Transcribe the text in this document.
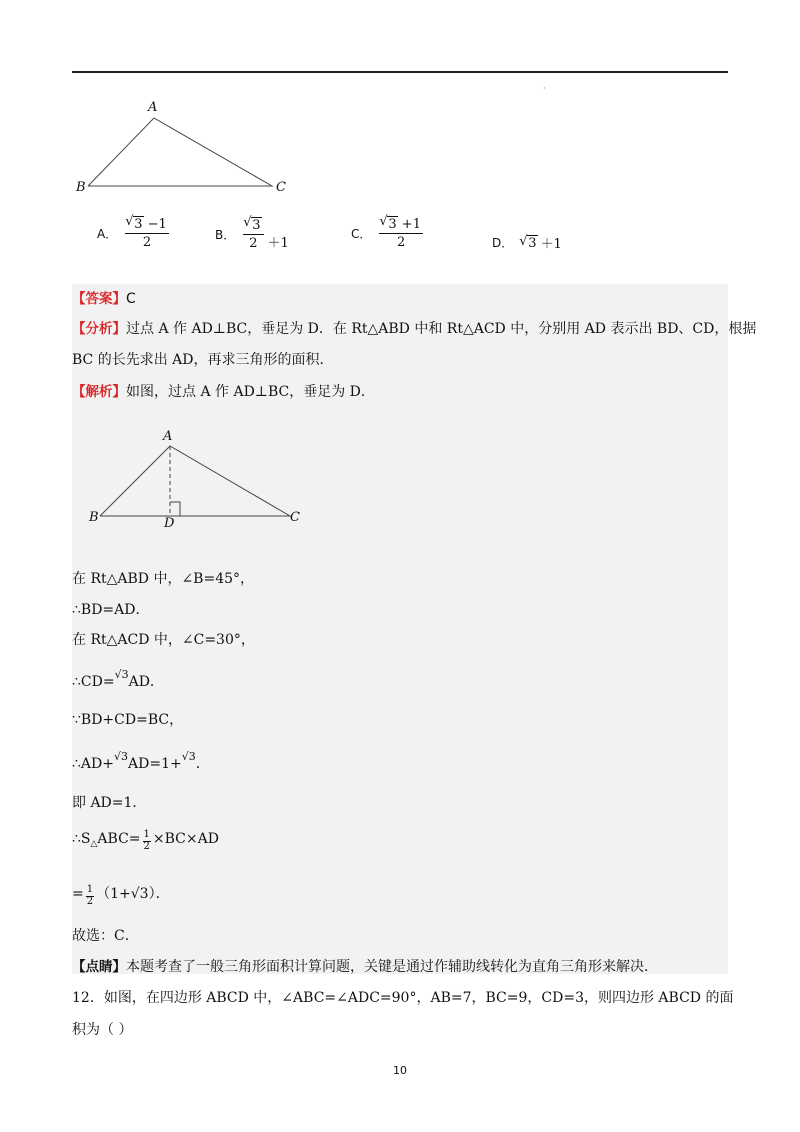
·
A
B	C
A． √ $\frac{3 -1}{2}$	B． √ $\frac{3}{2} +1$
C． √ $\frac{3 +1}{2}$	D． √ 3 ＋1
【答案】C
【分析】过点 A 作 AD⊥BC，垂足为 D．在 Rt△ABD 中和 Rt△ACD 中，分别用 AD 表示出 BD、CD，根据
BC 的长先求出 AD，再求三角形的面积．
【解析】如图，过点 A 作 AD⊥BC，垂足为 D．
A
B	C
D
在 Rt△ABD 中，∠B=45°，
∴BD=AD．
在 Rt△ACD 中，∠C=30°，
∴CD=$^{√3}$AD．
∵BD+CD=BC，
∴AD+$^{√3}$AD=1+$^{√3}$．
即 AD=1．
$\therefore S_\triangle ABC= \frac{1}{2} \times BC\times AD$
= $\frac{1}{2} (1+√3)$．
故选：C．
【点睛】本题考查了一般三角形面积计算问题，关键是通过作辅助线转化为直角三角形来解决．
12．如图，在四边形 ABCD 中，∠ABC=∠ADC=90°，AB=7，BC=9，CD=3，则四边形 ABCD 的面
积为（ ）
10
